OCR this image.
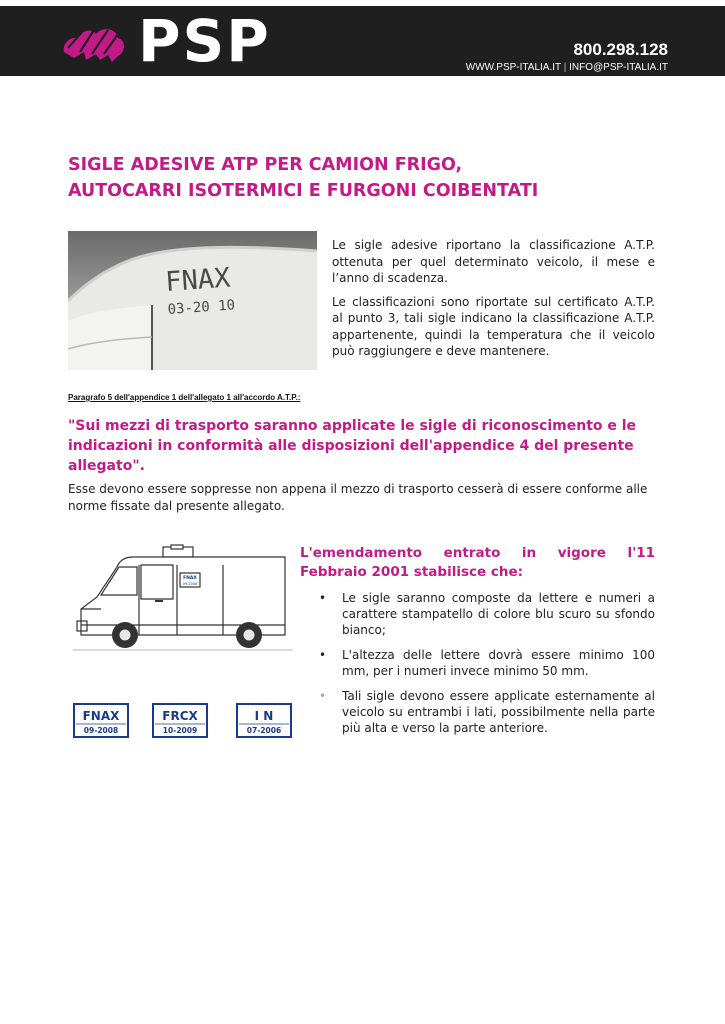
PSP	800.298.128
WWW.PSP-ITALIA.IT | INFO@PSP-ITALIA.IT
SIGLE ADESIVE ATP PER CAMION FRIGO,
AUTOCARRI ISOTERMICI E FURGONI COIBENTATI
FNAX
03-20 10

Le sigle adesive riportano la classificazione A.T.P. ottenuta per quel determinato veicolo, il mese e l’anno di scadenza.

Le classificazioni sono riportate sul certificato A.T.P. al punto 3, tali sigle indicano la classificazione A.T.P. appartenente, quindi la temperatura che il veicolo può raggiungere e deve mantenere.

Paragrafo 5 dell'appendice 1 dell'allegato 1 all'accordo A.T.P.:

"Sui mezzi di trasporto saranno applicate le sigle di riconoscimento e le indicazioni in conformità alle disposizioni dell'appendice 4 del presente allegato".

Esse devono essere soppresse non appena il mezzo di trasporto cesserà di essere conforme alle norme fissate dal presente allegato.

FNAX
09-2008
FNAX
09-2008
FRCX
10-2009
I N
07-2006
L'emendamento entrato in vigore l'11
Febbraio 2001 stabilisce che:
• Le sigle saranno composte da lettere e numeri a carattere stampatello di colore blu scuro su sfondo bianco;
• L'altezza delle lettere dovrà essere minimo 100 mm, per i numeri invece minimo 50 mm.
• Tali sigle devono essere applicate esternamente al veicolo su entrambi i lati, possibilmente nella parte più alta e verso la parte anteriore.
